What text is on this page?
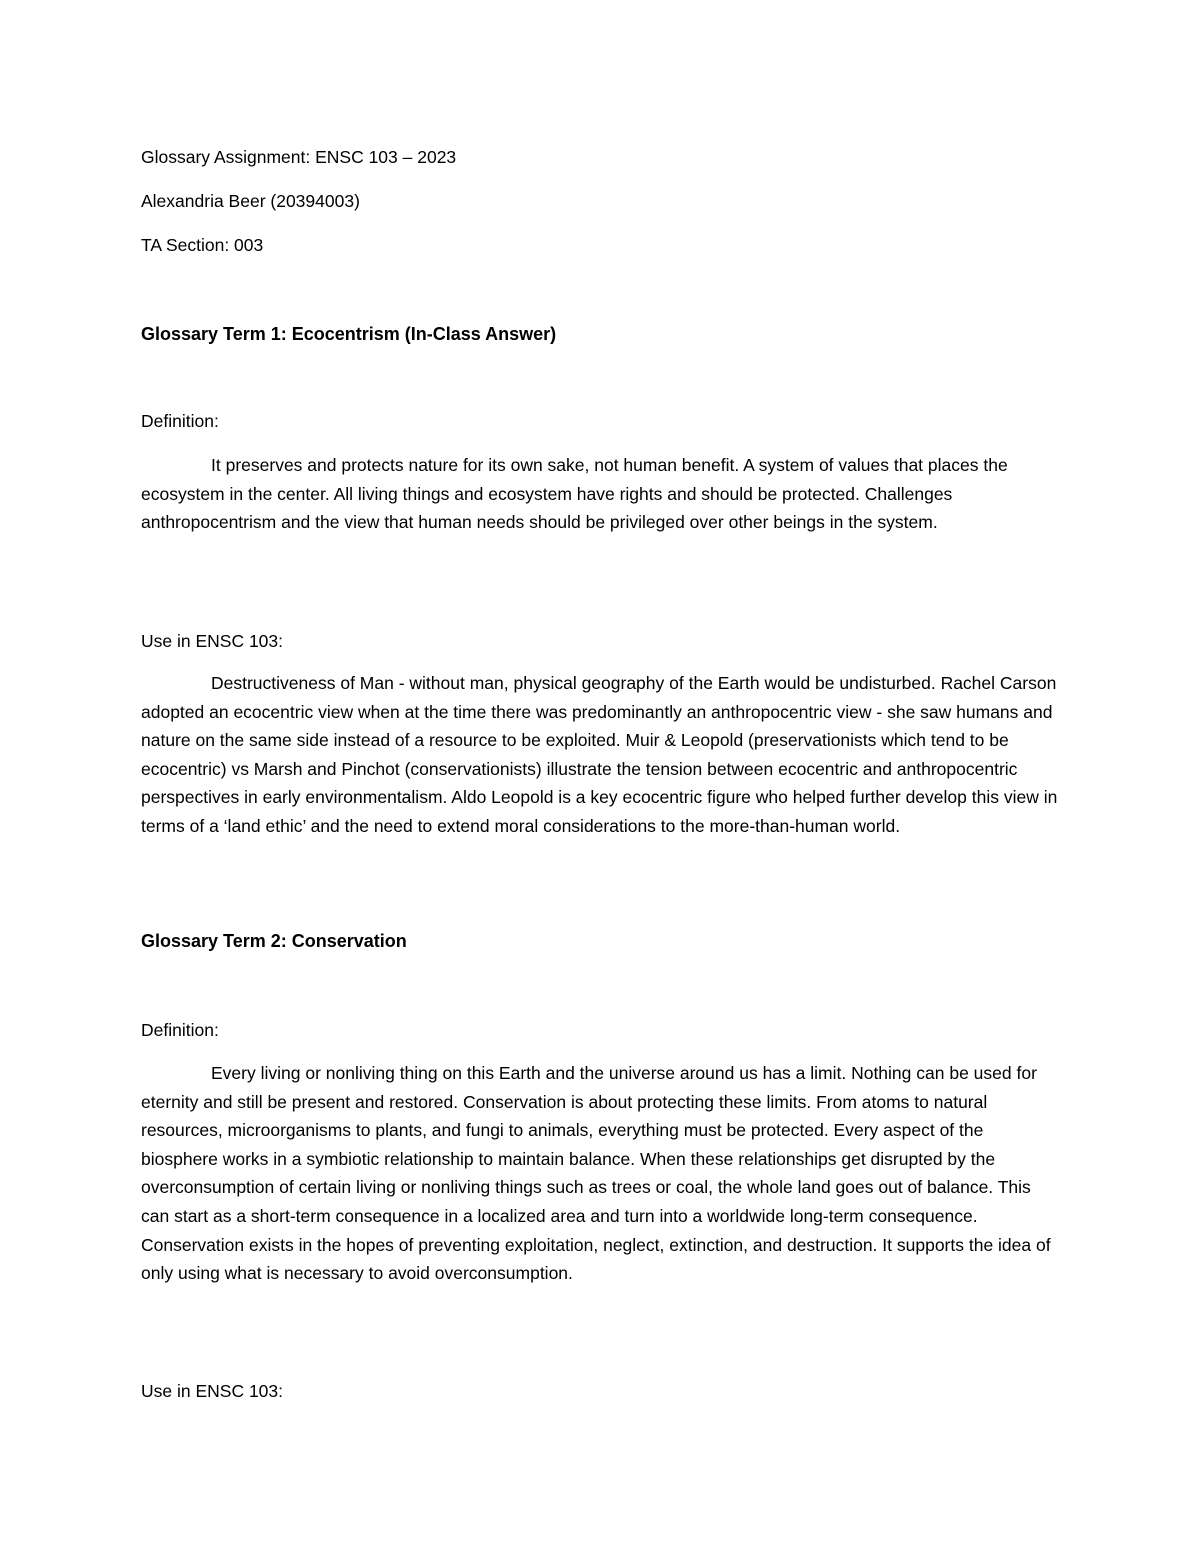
Glossary Assignment: ENSC 103 – 2023

Alexandria Beer (20394003)

TA Section: 003

Glossary Term 1: Ecocentrism (In-Class Answer)

Definition:

It preserves and protects nature for its own sake, not human benefit. A system of values that places the ecosystem in the center. All living things and ecosystem have rights and should be protected. Challenges anthropocentrism and the view that human needs should be privileged over other beings in the system.

Use in ENSC 103:

Destructiveness of Man - without man, physical geography of the Earth would be undisturbed. Rachel Carson adopted an ecocentric view when at the time there was predominantly an anthropocentric view - she saw humans and nature on the same side instead of a resource to be exploited. Muir & Leopold (preservationists which tend to be ecocentric) vs Marsh and Pinchot (conservationists) illustrate the tension between ecocentric and anthropocentric perspectives in early environmentalism. Aldo Leopold is a key ecocentric figure who helped further develop this view in terms of a ‘land ethic’ and the need to extend moral considerations to the more-than-human world.

Glossary Term 2: Conservation

Definition:

Every living or nonliving thing on this Earth and the universe around us has a limit. Nothing can be used for eternity and still be present and restored. Conservation is about protecting these limits. From atoms to natural resources, microorganisms to plants, and fungi to animals, everything must be protected. Every aspect of the biosphere works in a symbiotic relationship to maintain balance. When these relationships get disrupted by the overconsumption of certain living or nonliving things such as trees or coal, the whole land goes out of balance. This can start as a short-term consequence in a localized area and turn into a worldwide long-term consequence. Conservation exists in the hopes of preventing exploitation, neglect, extinction, and destruction. It supports the idea of only using what is necessary to avoid overconsumption.

Use in ENSC 103:
